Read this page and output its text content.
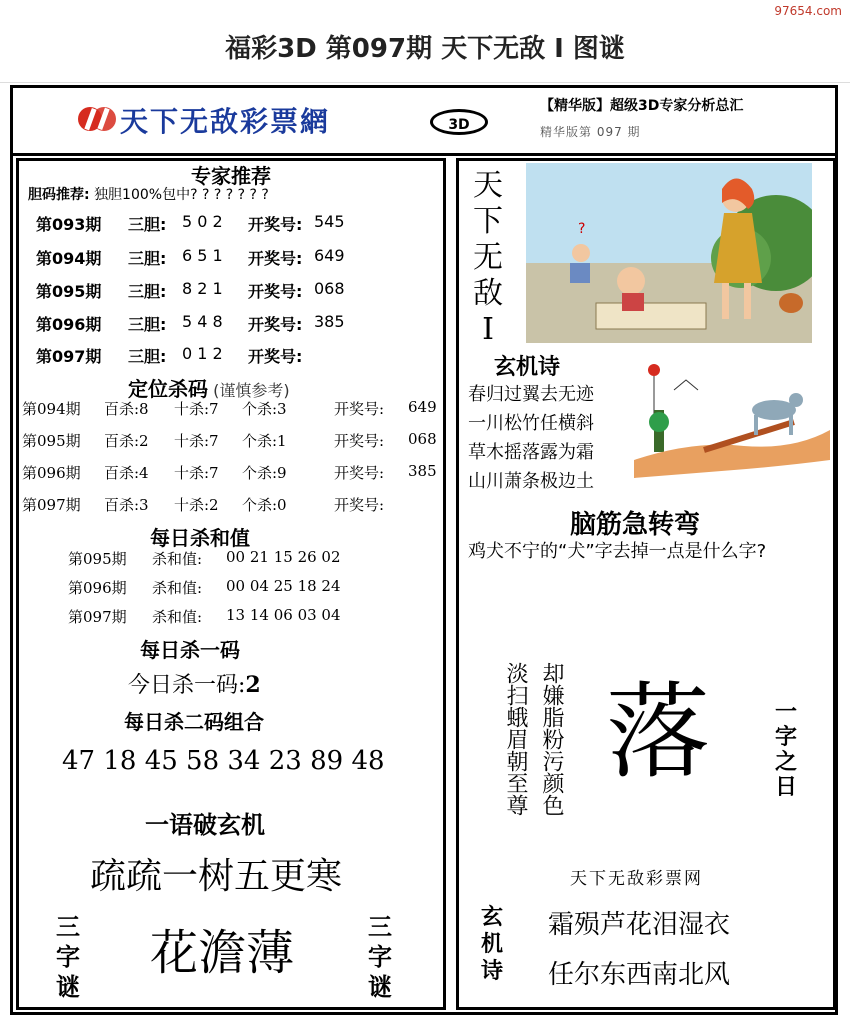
97654.com
福彩3D 第097期 天下无敌 I 图谜
天下无敌彩票網	3D
【精华版】超级3D专家分析总汇
精华版第 097 期
专家推荐
胆码推荐: 独胆100%包中? ? ? ? ? ? ?
第093期 三胆: 5 0 2 开奖号: 545
第094期 三胆: 6 5 1 开奖号: 649
第095期 三胆: 8 2 1 开奖号: 068
第096期 三胆: 5 4 8 开奖号: 385
第097期 三胆: 0 1 2 开奖号:
定位杀码 (谨慎参考)
第094期 百杀:8 十杀:7 个杀:3	开奖号: 649
第095期 百杀:2 十杀:7 个杀:1	开奖号: 068
第096期 百杀:4 十杀:7 个杀:9	开奖号: 385
第097期 百杀:3 十杀:2 个杀:0	开奖号:
每日杀和值
第095期 杀和值: 00 21 15 26 02
第096期 杀和值: 00 04 25 18 24
第097期 杀和值: 13 14 06 03 04
每日杀一码
今日杀一码:2
每日杀二码组合
47 18 45 58 34 23 89 48
一语破玄机
疏疏一树五更寒
三字谜
花澹薄	三字谜
天下无敌I
?
玄机诗
春归过翼去无迹
一川松竹任横斜
草木摇落露为霜
山川萧条极边土
脑筋急转弯
鸡犬不宁的“犬”字去掉一点是什么字?
淡扫蛾眉朝至尊 却嫌脂粉污颜色 落	一字之日
天下无敌彩票网
玄机诗
霜殒芦花泪湿衣
任尔东西南北风
